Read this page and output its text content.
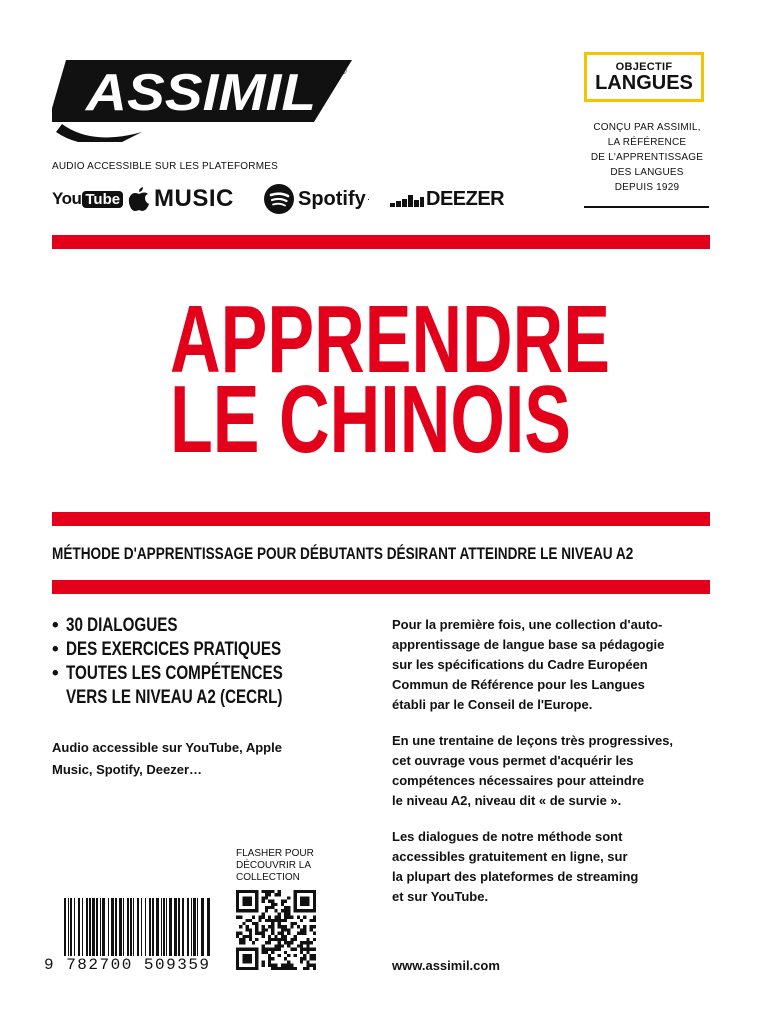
ASSIMIL	®	OBJECTIF
LANGUES
CONÇU PAR ASSIMIL,
LA RÉFÉRENCE
DE L'APPRENTISSAGE
DES LANGUES
DEPUIS 1929
AUDIO ACCESSIBLE SUR LES PLATEFORMES
You Tube MUSIC	Spotify ·	DEEZER
APPRENDRE
LE CHINOIS
MÉTHODE D'APPRENTISSAGE POUR DÉBUTANTS DÉSIRANT ATTEINDRE LE NIVEAU A2
• 30 DIALOGUES
• DES EXERCICES PRATIQUES
• TOUTES LES COMPÉTENCES
VERS LE NIVEAU A2 (CECRL)
Audio accessible sur YouTube, Apple Music, Spotify, Deezer…
Pour la première fois, une collection d'auto-
apprentissage de langue base sa pédagogie
sur les spécifications du Cadre Européen
Commun de Référence pour les Langues
établi par le Conseil de l'Europe.
En une trentaine de leçons très progressives,
cet ouvrage vous permet d'acquérir les
compétences nécessaires pour atteindre
le niveau A2, niveau dit « de survie ».
Les dialogues de notre méthode sont
accessibles gratuitement en ligne, sur
la plupart des plateformes de streaming
et sur YouTube.
FLASHER POUR
DÉCOUVRIR LA
COLLECTION
9 782700 509359	www.assimil.com
